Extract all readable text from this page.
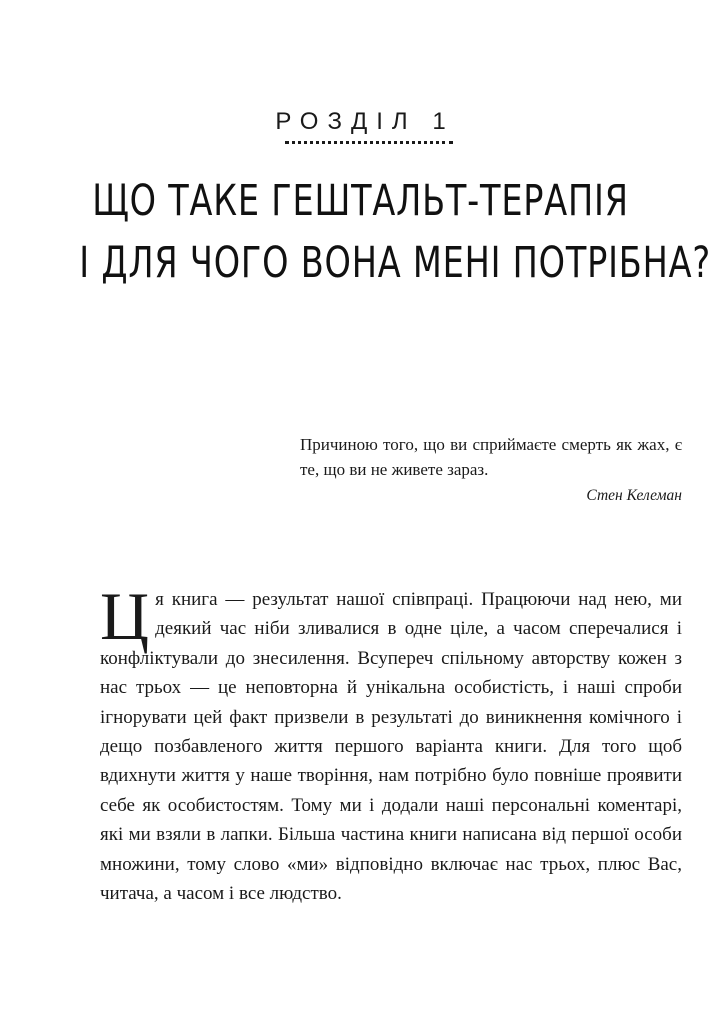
РОЗДІЛ 1
ЩО ТАКЕ ГЕШТАЛЬТ-ТЕРАПІЯ
І ДЛЯ ЧОГО ВОНА МЕНІ ПОТРІБНА?
Причиною того, що ви сприймаєте смерть як жах, є те, що ви не живете зараз.
Стен Келеман
Ця книга — результат нашої співпраці. Працюючи над нею, ми деякий час ніби зливалися в одне ціле, а часом сперечалися і конфліктували до знесилення. Всупереч спільному авторству кожен з нас трьох — це неповторна й унікальна особистість, і наші спроби ігнорувати цей факт призвели в результаті до виникнення комічного і дещо позбавленого життя першого варіанта книги. Для того щоб вдихнути життя у наше творіння, нам потрібно було повніше проявити себе як особистостям. Тому ми і додали наші персональні коментарі, які ми взяли в лапки. Більша частина книги написана від першої особи множини, тому слово «ми» відповідно включає нас трьох, плюс Вас, читача, а часом і все людство.
